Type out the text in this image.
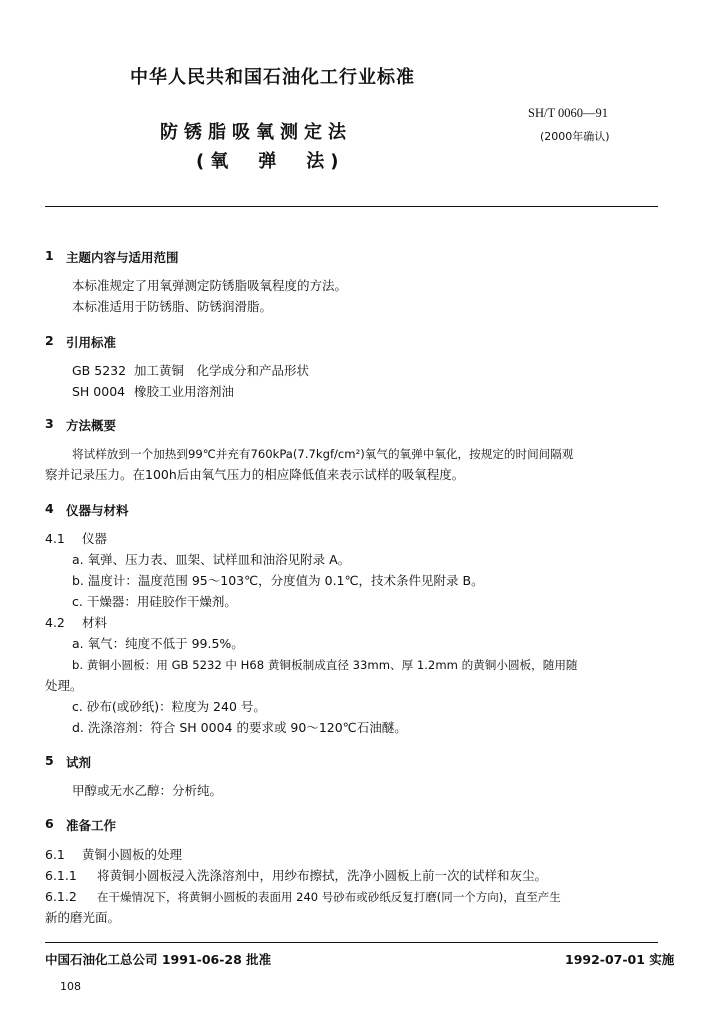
中华人民共和国石油化工行业标准
SH/T 0060—91
(2000年确认)
防锈脂吸氧测定法
(氧　弹　法)
1 主题内容与适用范围
本标准规定了用氧弹测定防锈脂吸氧程度的方法。
本标准适用于防锈脂、防锈润滑脂。
2 引用标准
GB 5232 加工黄铜　化学成分和产品形状
SH 0004 橡胶工业用溶剂油
3 方法概要
将试样放到一个加热到99℃并充有760kPa(7.7kgf/cm²)氧气的氧弹中氧化，按规定的时间间隔观
察并记录压力。在100h后由氧气压力的相应降低值来表示试样的吸氧程度。
4 仪器与材料
4.1 仪器
a. 氧弹、压力表、皿架、试样皿和油浴见附录 A。
b. 温度计：温度范围 95～103℃，分度值为 0.1℃，技术条件见附录 B。
c. 干燥器：用硅胶作干燥剂。
4.2 材料
a. 氧气：纯度不低于 99.5%。
b. 黄铜小圆板：用 GB 5232 中 H68 黄铜板制成直径 33mm、厚 1.2mm 的黄铜小圆板，随用随
处理。
c. 砂布(或砂纸)：粒度为 240 号。
d. 洗涤溶剂：符合 SH 0004 的要求或 90～120℃石油醚。
5 试剂
甲醇或无水乙醇：分析纯。
6 准备工作
6.1 黄铜小圆板的处理
6.1.1 将黄铜小圆板浸入洗涤溶剂中，用纱布擦拭，洗净小圆板上前一次的试样和灰尘。
6.1.2 在干燥情况下，将黄铜小圆板的表面用 240 号砂布或砂纸反复打磨(同一个方向)，直至产生
新的磨光面。
中国石油化工总公司 1991-06-28 批准	1992-07-01 实施
108
